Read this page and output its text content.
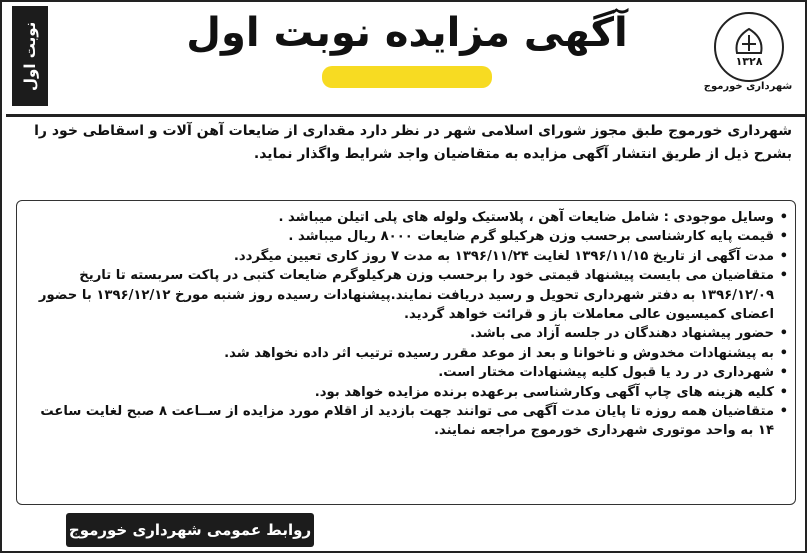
نوبت اول	آگهی مزایده نوبت اول
۱۳۲۸
شهرداری خورموج
شهرداری خورموج طبق مجوز شورای اسلامی شهر در نظر دارد مقداری از ضایعات آهن آلات و اسقاطی خود را بشرح ذیل از طریق انتشار آگهی مزایده به متقاضیان واجد شرایط واگذار نماید.
• وسایل موجودی : شامل ضایعات آهن ، پلاستیک ولوله های پلی اتیلن میباشد .
• قیمت پایه کارشناسی برحسب وزن هرکیلو گرم ضایعات ۸۰۰۰ ریال میباشد .
• مدت آگهی از تاریخ ۱۳۹۶/۱۱/۱۵ لغایت ۱۳۹۶/۱۱/۲۴ به مدت ۷ روز کاری تعیین میگردد.
• متقاضیان می بایست پیشنهاد قیمتی خود را برحسب وزن هرکیلوگرم ضایعات کتبی در پاکت سربسته تا تاریخ ۱۳۹۶/۱۲/۰۹ به دفتر شهرداری تحویل و رسید دریافت نمایند.پیشنهادات رسیده روز شنبه مورخ ۱۳۹۶/۱۲/۱۲ با حضور اعضای کمیسیون عالی معاملات باز و قرائت خواهد گردید.
• حضور پیشنهاد دهندگان در جلسه آزاد می باشد.
• به پیشنهادات مخدوش و ناخوانا و بعد از موعد مقرر رسیده ترتیب اثر داده نخواهد شد.
• شهرداری در رد یا قبول کلیه پیشنهادات مختار است.
• کلیه هزینه های چاپ آگهی وکارشناسی برعهده برنده مزایده خواهد بود.
• متقاضیان همه روزه تا پایان مدت آگهی می توانند جهت بازدید از اقلام مورد مزایده از ســاعت ۸ صبح لغایت ساعت ۱۴ به واحد موتوری شهرداری خورموج مراجعه نمایند.
روابط عمومی شهرداری خورموج
